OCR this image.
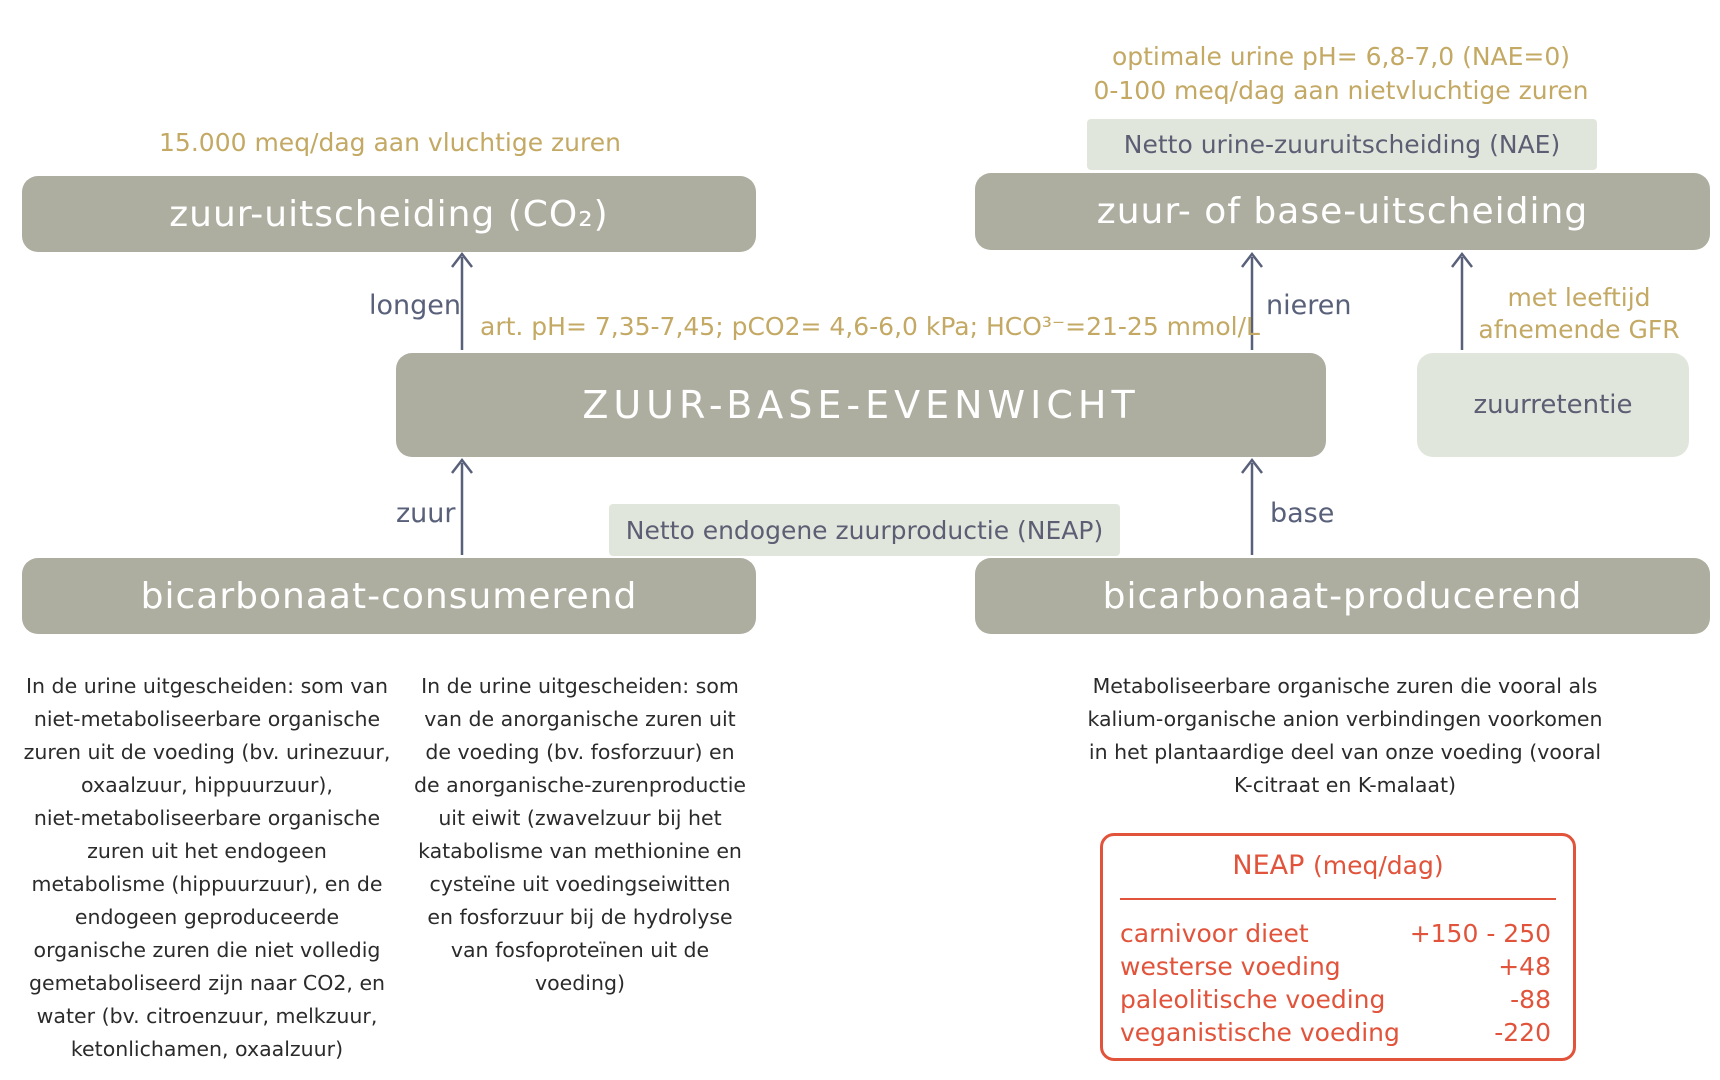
15.000 meq/dag aan vluchtige zuren
zuur-uitscheiding (CO₂)
optimale urine pH= 6,8-7,0 (NAE=0)
0-100 meq/dag aan nietvluchtige zuren
Netto urine-zuuruitscheiding (NAE)
zuur- of base-uitscheiding
longen	nieren	met leeftijd
afnemende GFR
art. pH= 7,35-7,45; pCO2= 4,6-6,0 kPa; HCO³⁻=21-25 mmol/L
ZUUR-BASE-EVENWICHT	zuurretentie
zuur	base
Netto endogene zuurproductie (NEAP)
bicarbonaat-consumerend	bicarbonaat-producerend
In de urine uitgescheiden: som van
niet-metaboliseerbare organische
zuren uit de voeding (bv. urinezuur,
oxaalzuur, hippuurzuur),
niet-metaboliseerbare organische
zuren uit het endogeen
metabolisme (hippuurzuur), en de
endogeen geproduceerde
organische zuren die niet volledig
gemetaboliseerd zijn naar CO2, en
water (bv. citroenzuur, melkzuur,
ketonlichamen, oxaalzuur)
In de urine uitgescheiden: som
van de anorganische zuren uit
de voeding (bv. fosforzuur) en
de anorganische-zurenproductie
uit eiwit (zwavelzuur bij het
katabolisme van methionine en
cysteïne uit voedingseiwitten
en fosforzuur bij de hydrolyse
van fosfoproteïnen uit de
voeding)
Metaboliseerbare organische zuren die vooral als
kalium-organische anion verbindingen voorkomen
in het plantaardige deel van onze voeding (vooral
K-citraat en K-malaat)
NEAP (meq/dag)
carnivoor dieet	+150 - 250
westerse voeding	+48
paleolitische voeding	-88
veganistische voeding	-220
